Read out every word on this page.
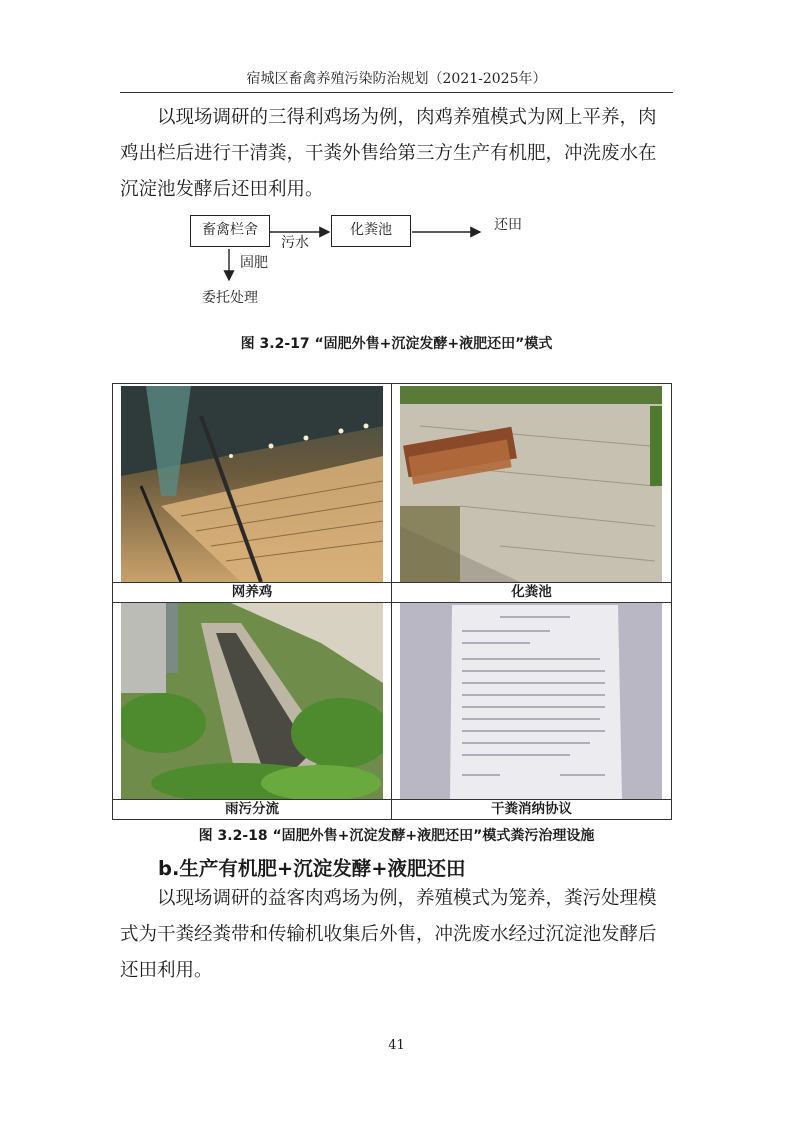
宿城区畜禽养殖污染防治规划（2021-2025年）

以现场调研的三得利鸡场为例，肉鸡养殖模式为网上平养，肉
鸡出栏后进行干清粪，干粪外售给第三方生产有机肥，冲洗废水在
沉淀池发酵后还田利用。

畜禽栏舍	化粪池
污水
还田
固肥
委托处理
图 3.2-17 “固肥外售+沉淀发酵+液肥还田”模式
网养鸡	化粪池
雨污分流	干粪消纳协议
图 3.2-18 “固肥外售+沉淀发酵+液肥还田”模式粪污治理设施
b.生产有机肥+沉淀发酵+液肥还田

以现场调研的益客肉鸡场为例，养殖模式为笼养，粪污处理模
式为干粪经粪带和传输机收集后外售，冲洗废水经过沉淀池发酵后
还田利用。

41
